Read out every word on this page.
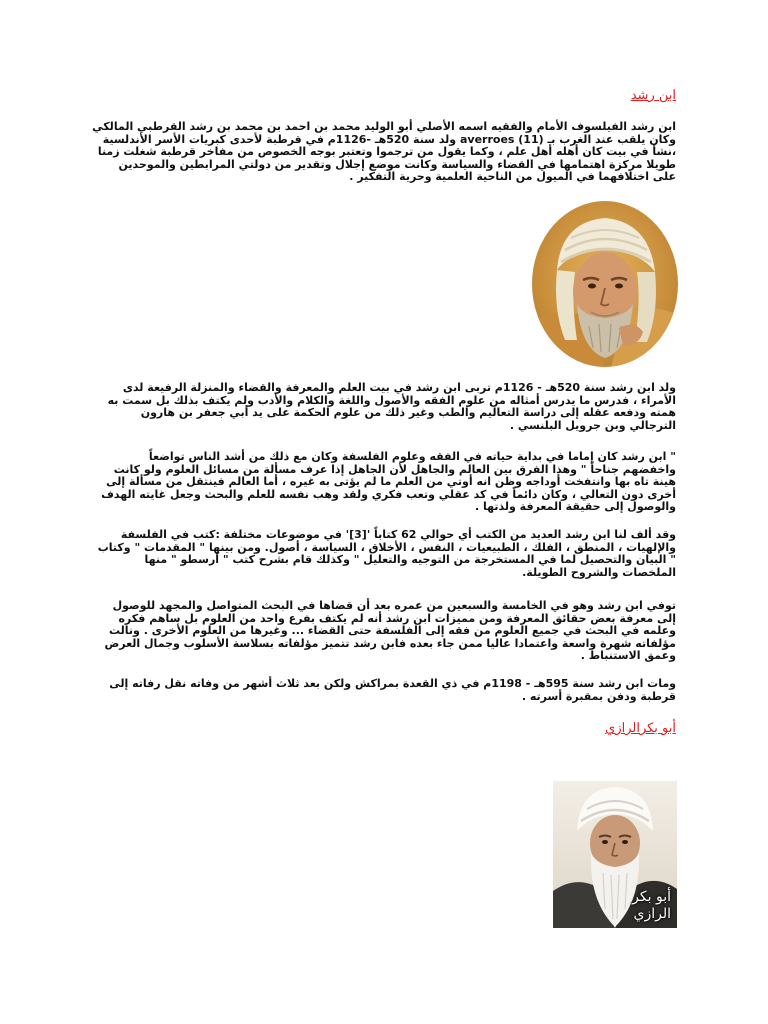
ابن رشد
ابن رشد الفيلسوف الأمام والفقيه اسمه الأصلي أبو الوليد محمد بن احمد بن محمد بن رشد القرطبي المالكي وكان يلقب عند الغرب بـ averroes (11) ولد سنة 520هـ -1126م في قرطبة لأحدى كبريات الأسر الأندلسية ،نشأ في بيت كان أهله أهل علم ، وكما يقول من ترجموا وتعتبر بوجه الخصوص من مفاخر قرطبة شغلت زمنا طويلا مركزة اهتمامها في القضاء والسياسة وكانت موضع إجلال وتقدير من دولتي المرابطين والموحدين على اختلافهما في الميول من الناحية العلمية وحرية التفكير .
ولد ابن رشد سنة 520هـ - 1126م تربى ابن رشد في بيت العلم والمعرفة والقضاء والمنزلة الرفيعة لدى الأمراء ، فدرس ما يدرس أمثاله من علوم الفقه والأصول واللغة والكلام والأدب ولم يكتف بذلك بل سمت به همته ودفعه عقله إلى دراسة التعاليم والطب وغير ذلك من علوم الحكمة على يد أبي جعفر بن هارون الترجالي وبن جرويل البلنسي .
" ابن رشد كان إماما في بداية حياته في الفقه وعلوم الفلسفة وكان مع ذلك من أشد الناس تواضعاً واخفضهم جناحاً " وهذا الفرق بين العالم والجاهل لأن الجاهل إذا عرف مسألة من مسائل العلوم ولو كانت هينة تاه بها وانتفخت أوداجه وظن انه أوتي من العلم ما لم يؤتى به غيره ، أما العالم فينتقل من مسألة إلى أخرى دون التعالي ، وكان دائماً في كد عقلي وتعب فكري ولقد وهب نفسه للعلم والبحث وجعل غايته الهدف والوصول إلى حقيقة المعرفة ولذتها .
وقد ألف لنا ابن رشد العديد من الكتب أي حوالي 62 كتاباً '[3]' في موضوعات مختلفة :كتب في الفلسفة والإلهيات ، المنطق ، الفلك ، الطبيعيات ، النفس ، الأخلاق ، السياسة ، أصول. ومن بينها " المقدمات " وكتاب " البيان والتحصيل لما في المستخرجة من التوجيه والتعليل " وكذلك قام بشرح كتب " أرسطو " منها الملخصات والشروح الطويلة.
توفي ابن رشد وهو في الخامسة والسبعين من عمره بعد أن قضاها في البحث المتواصل والمجهد للوصول إلى معرفة بعض حقائق المعرفة ومن مميزات ابن رشد أنه لم يكتف بفرع واحد من العلوم بل ساهم فكره وعلمه في البحث في جميع العلوم من فقه إلى الفلسفة حتى القضاء ... وغيرها من العلوم الأخرى . ونالت مؤلفاته شهرة واسعة واعتمادا عاليا ممن جاء بعده فابن رشد تتميز مؤلفاته بسلاسة الأسلوب وجمال العرض وعمق الاستنباط .
ومات ابن رشد سنة 595هـ - 1198م في ذي القعدة بمراكش ولكن بعد ثلاث أشهر من وفاته نقل رفاته إلى قرطبة ودفن بمقبرة أسرته .
أبو بكرالرازي
أبو بكر الرازي
